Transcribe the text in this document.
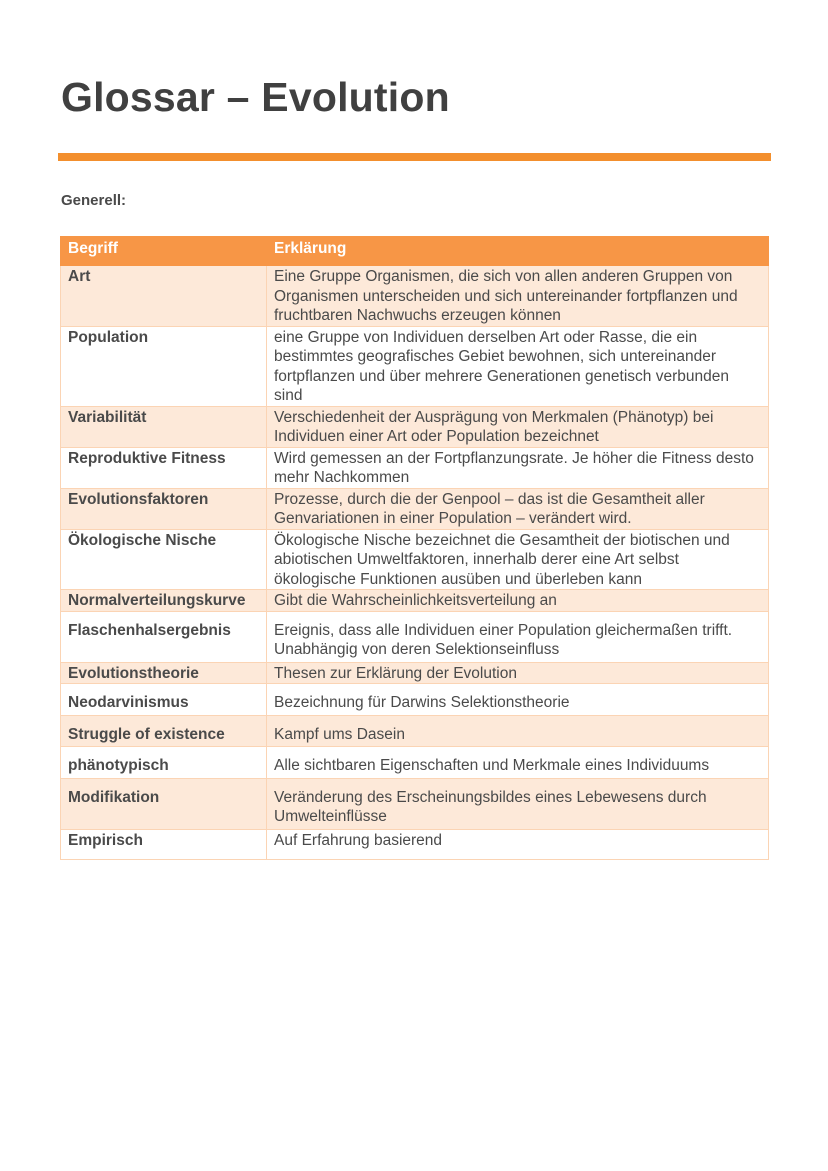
Glossar – Evolution

Generell:

Begriff	Erklärung
Art	Eine Gruppe Organismen, die sich von allen anderen Gruppen von Organismen unterscheiden und sich untereinander fortpflanzen und fruchtbaren Nachwuchs erzeugen können
Population	eine Gruppe von Individuen derselben Art oder Rasse, die ein bestimmtes geografisches Gebiet bewohnen, sich untereinander fortpflanzen und über mehrere Generationen genetisch verbunden sind
Variabilität	Verschiedenheit der Ausprägung von Merkmalen (Phänotyp) bei Individuen einer Art oder Population bezeichnet
Reproduktive Fitness	Wird gemessen an der Fortpflanzungsrate. Je höher die Fitness desto mehr Nachkommen
Evolutionsfaktoren	Prozesse, durch die der Genpool – das ist die Gesamtheit aller Genvariationen in einer Population – verändert wird.
Ökologische Nische	Ökologische Nische bezeichnet die Gesamtheit der biotischen und abiotischen Umweltfaktoren, innerhalb derer eine Art selbst ökologische Funktionen ausüben und überleben kann
Normalverteilungskurve	Gibt die Wahrscheinlichkeitsverteilung an
Flaschenhalsergebnis	Ereignis, dass alle Individuen einer Population gleichermaßen trifft. Unabhängig von deren Selektionseinfluss
Evolutionstheorie	Thesen zur Erklärung der Evolution
Neodarvinismus	Bezeichnung für Darwins Selektionstheorie
Struggle of existence	Kampf ums Dasein
phänotypisch	Alle sichtbaren Eigenschaften und Merkmale eines Individuums
Modifikation	Veränderung des Erscheinungsbildes eines Lebewesens durch Umwelteinflüsse
Empirisch	Auf Erfahrung basierend
